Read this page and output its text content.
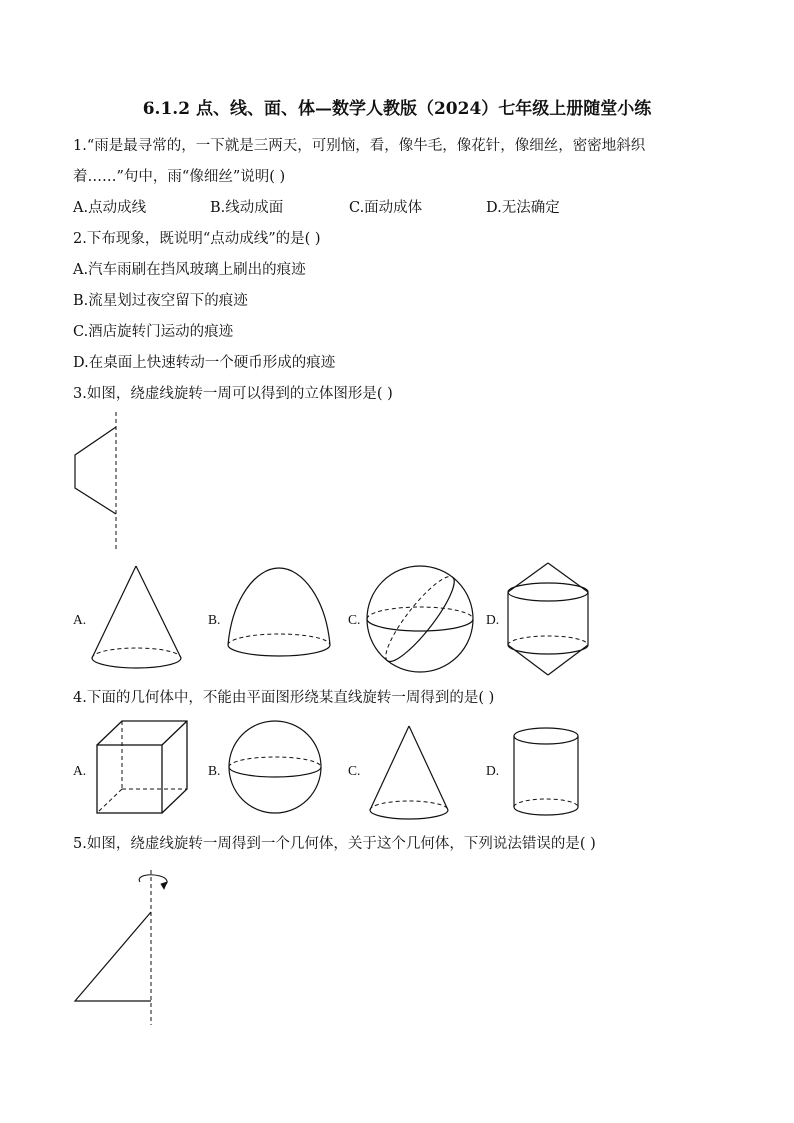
6.1.2 点、线、面、体—数学人教版（2024）七年级上册随堂小练
1.“雨是最寻常的，一下就是三两天，可别恼，看，像牛毛，像花针，像细丝，密密地斜织
着……”句中，雨“像细丝”说明( )
A.点动成线	B.线动成面	C.面动成体	D.无法确定
2.下布现象，既说明“点动成线”的是( )
A.汽车雨刷在挡风玻璃上刷出的痕迹
B.流星划过夜空留下的痕迹
C.酒店旋转门运动的痕迹
D.在桌面上快速转动一个硬币形成的痕迹
3.如图，绕虚线旋转一周可以得到的立体图形是( )
A.	B.	C.	D.
4.下面的几何体中，不能由平面图形绕某直线旋转一周得到的是( )
A.	B.	C.	D.
5.如图，绕虚线旋转一周得到一个几何体，关于这个几何体，下列说法错误的是( )
